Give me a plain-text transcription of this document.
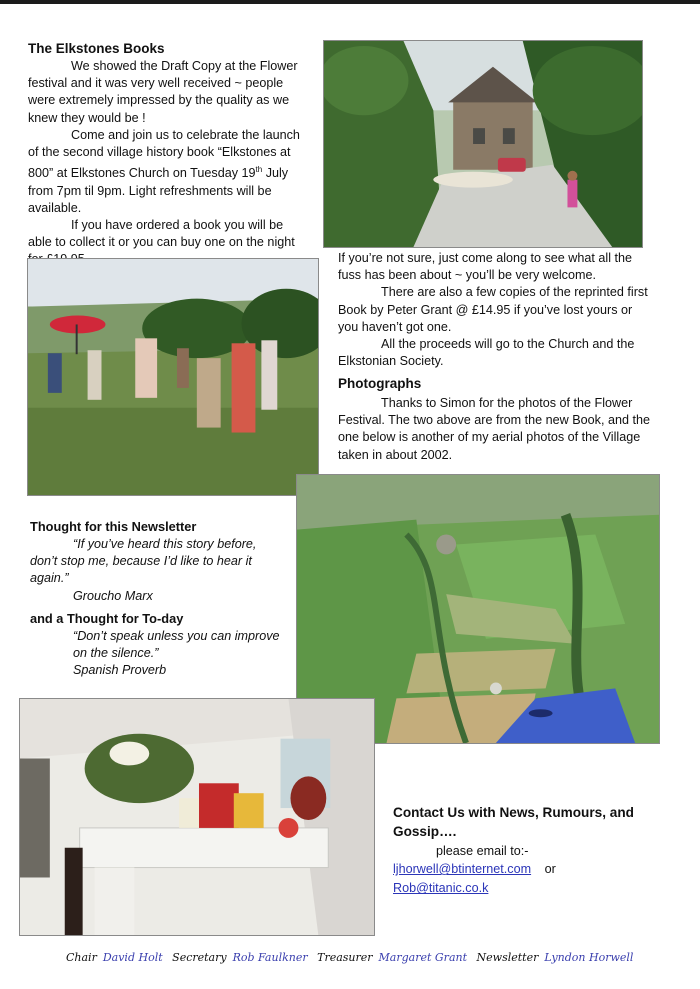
The Elkstones Books

We showed the Draft Copy at the Flower festival and it was very well received ~ people were extremely impressed by the quality as we knew they would be !

Come and join us to celebrate the launch of the second village history book “Elkstones at 800” at Elkstones Church on Tuesday 19th July from 7pm til 9pm. Light refreshments will be available.

If you have ordered a book you will be able to collect it or you can buy one on the night

If you’re not sure, just come along to see what all the fuss has been about ~ you’ll be very welcome.

There are also a few copies of the reprinted first Book by Peter Grant @ £14.95 if you’ve lost yours or you haven’t got one.

All the proceeds will go to the Church and the Elkstonian Society.

Photographs

Thanks to Simon for the photos of the Flower Festival. The two above are from the new Book, and the one below is another of my aerial photos of the Village taken in about 2002.

Thought for this Newsletter

“If you’ve heard this story before, don’t stop me, because I’d like to hear it again.”

Groucho Marx

and a Thought for To-day

“Don’t speak unless you can improve on the silence.”

Spanish Proverb

Contact Us with News, Rumours, and Gossip….
please email to:-
ljhorwell@btinternet.com or
Rob@titanic.co.k
Chair David Holt Secretary Rob Faulkner Treasurer Margaret Grant Newsletter Lyndon Horwell
